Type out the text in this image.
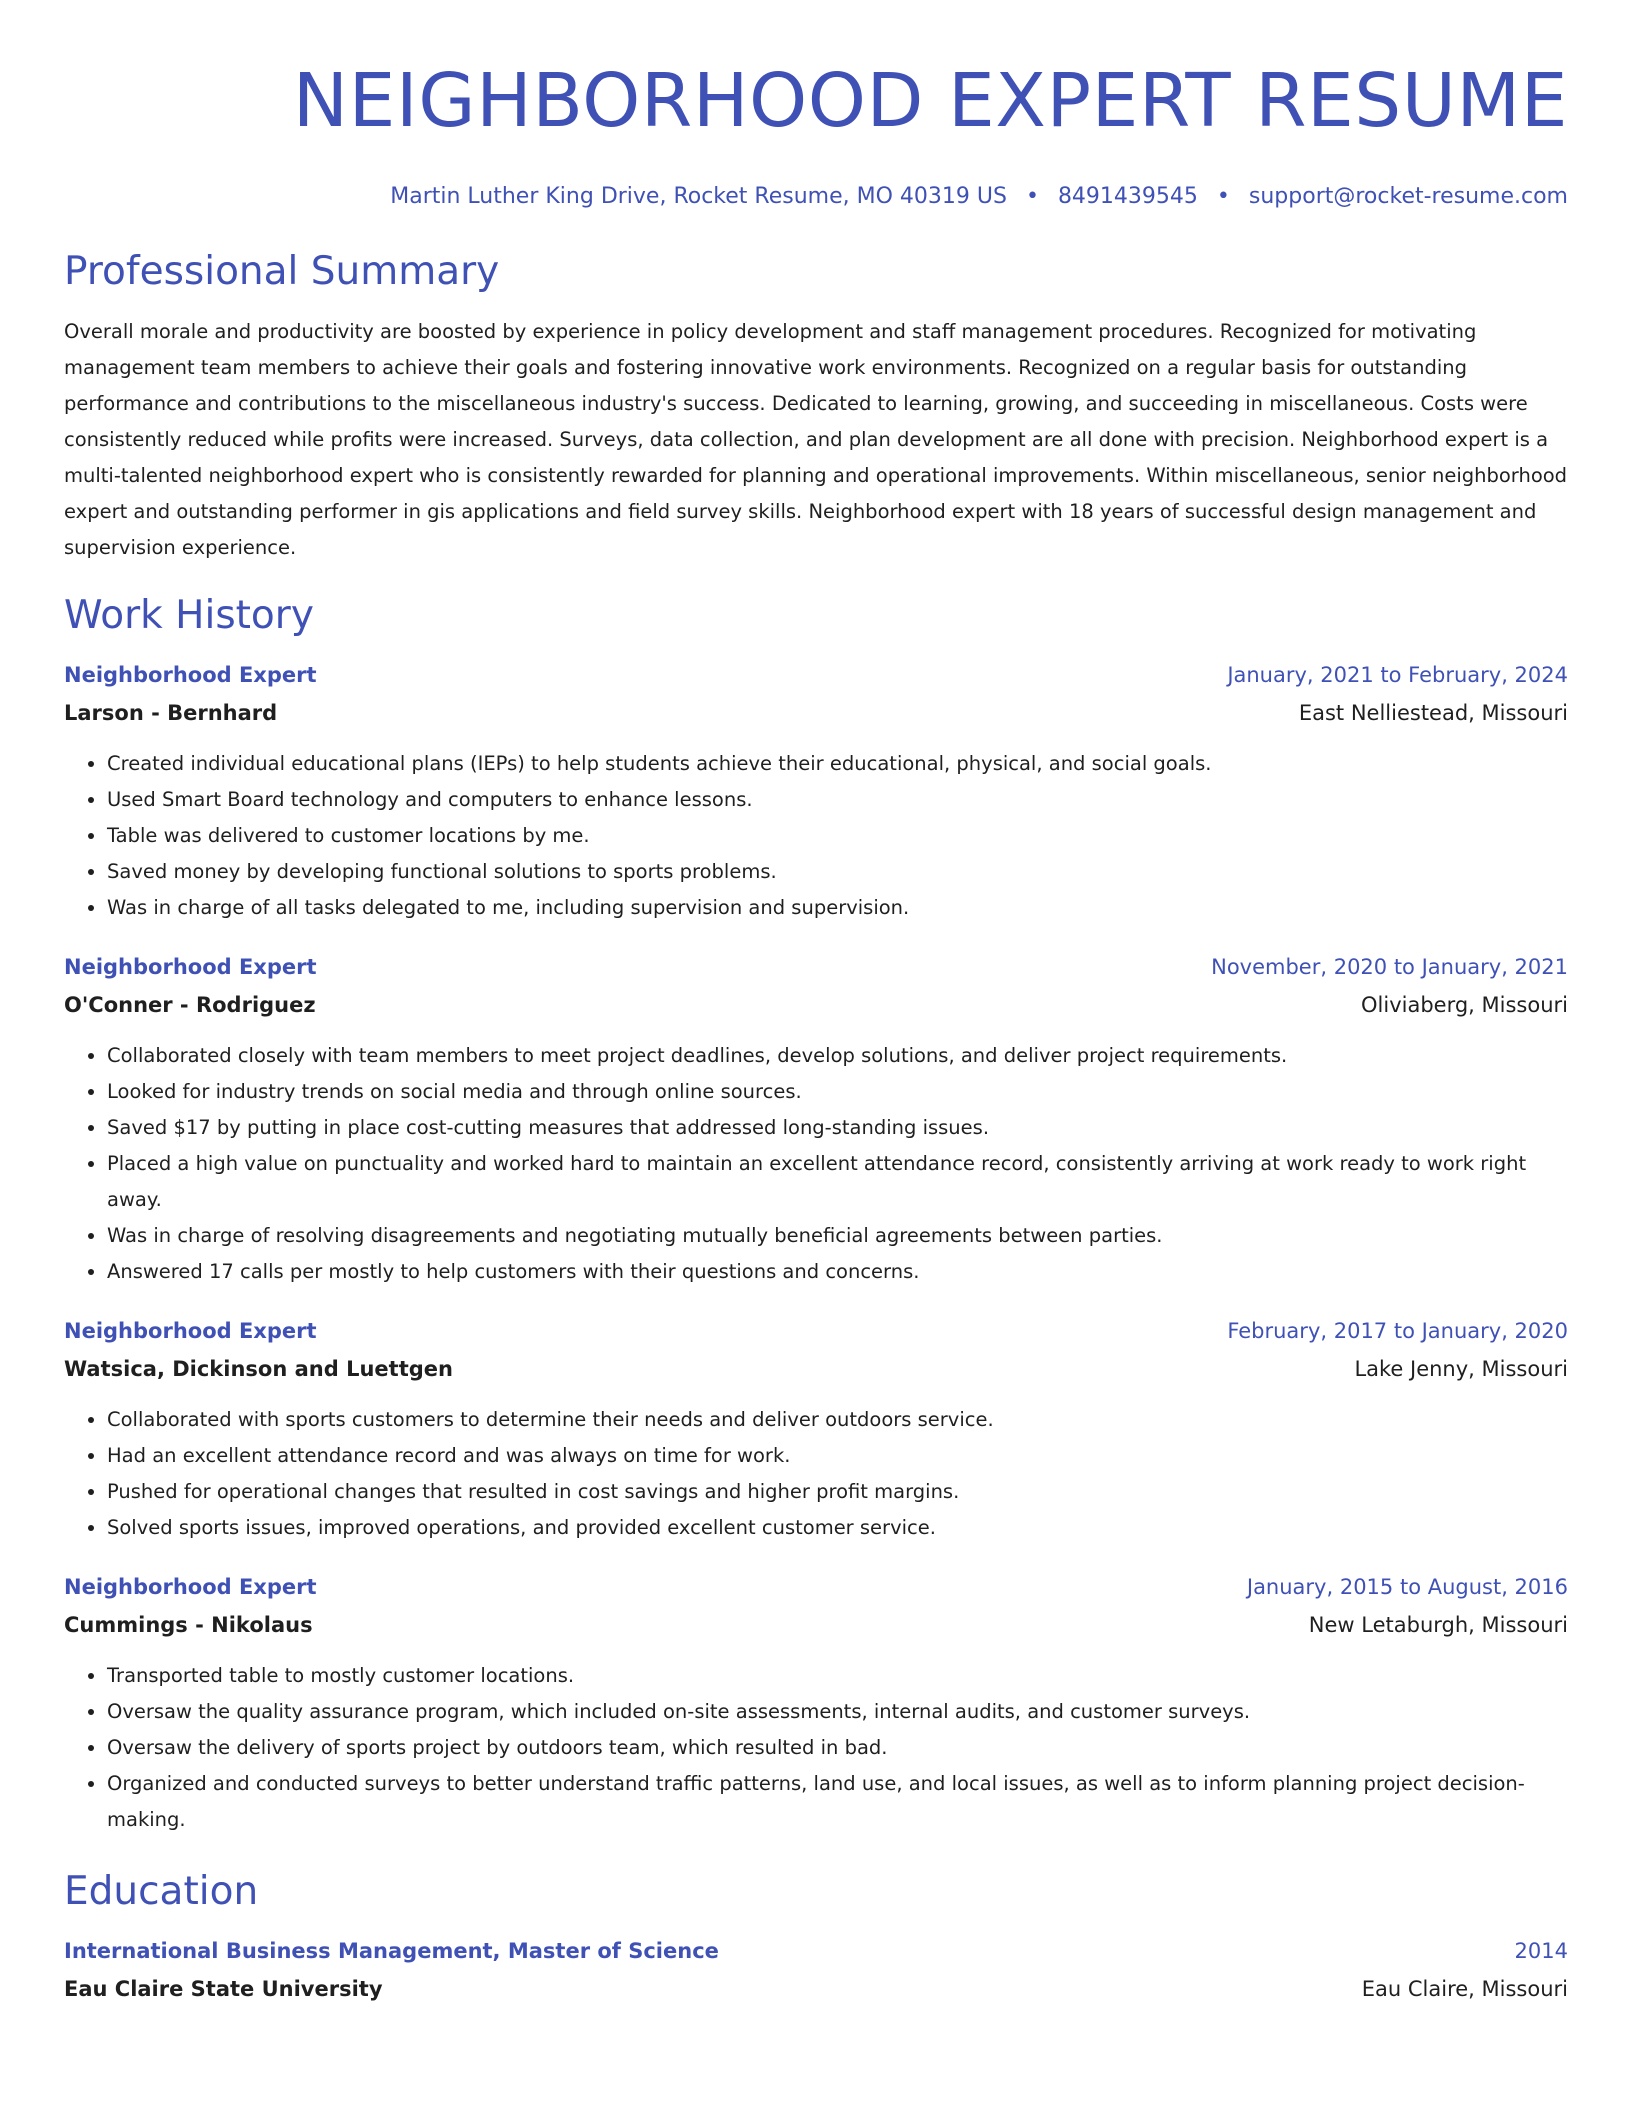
NEIGHBORHOOD EXPERT RESUME
Martin Luther King Drive, Rocket Resume, MO 40319 US • 8491439545 • support@rocket-resume.com
Professional Summary

Overall morale and productivity are boosted by experience in policy development and staff management procedures. Recognized for motivating management team members to achieve their goals and fostering innovative work environments. Recognized on a regular basis for outstanding performance and contributions to the miscellaneous industry's success. Dedicated to learning, growing, and succeeding in miscellaneous. Costs were consistently reduced while profits were increased. Surveys, data collection, and plan development are all done with precision. Neighborhood expert is a multi-talented neighborhood expert who is consistently rewarded for planning and operational improvements. Within miscellaneous, senior neighborhood expert and outstanding performer in gis applications and field survey skills. Neighborhood expert with 18 years of successful design management and supervision experience.

Work History
Neighborhood Expert	January, 2021 to February, 2024
Larson - Bernhard	East Nelliestead, Missouri
• Created individual educational plans (IEPs) to help students achieve their educational, physical, and social goals.
• Used Smart Board technology and computers to enhance lessons.
• Table was delivered to customer locations by me.
• Saved money by developing functional solutions to sports problems.
• Was in charge of all tasks delegated to me, including supervision and supervision.
Neighborhood Expert	November, 2020 to January, 2021
O'Conner - Rodriguez	Oliviaberg, Missouri
• Collaborated closely with team members to meet project deadlines, develop solutions, and deliver project requirements.
• Looked for industry trends on social media and through online sources.
• Saved $17 by putting in place cost-cutting measures that addressed long-standing issues.
• Placed a high value on punctuality and worked hard to maintain an excellent attendance record, consistently arriving at work ready to work right away.
• Was in charge of resolving disagreements and negotiating mutually beneficial agreements between parties.
• Answered 17 calls per mostly to help customers with their questions and concerns.
Neighborhood Expert	February, 2017 to January, 2020
Watsica, Dickinson and Luettgen	Lake Jenny, Missouri
• Collaborated with sports customers to determine their needs and deliver outdoors service.
• Had an excellent attendance record and was always on time for work.
• Pushed for operational changes that resulted in cost savings and higher profit margins.
• Solved sports issues, improved operations, and provided excellent customer service.
Neighborhood Expert	January, 2015 to August, 2016
Cummings - Nikolaus	New Letaburgh, Missouri
• Transported table to mostly customer locations.
• Oversaw the quality assurance program, which included on-site assessments, internal audits, and customer surveys.
• Oversaw the delivery of sports project by outdoors team, which resulted in bad.
• Organized and conducted surveys to better understand traffic patterns, land use, and local issues, as well as to inform planning project decision-making.
Education
International Business Management, Master of Science	2014
Eau Claire State University	Eau Claire, Missouri
